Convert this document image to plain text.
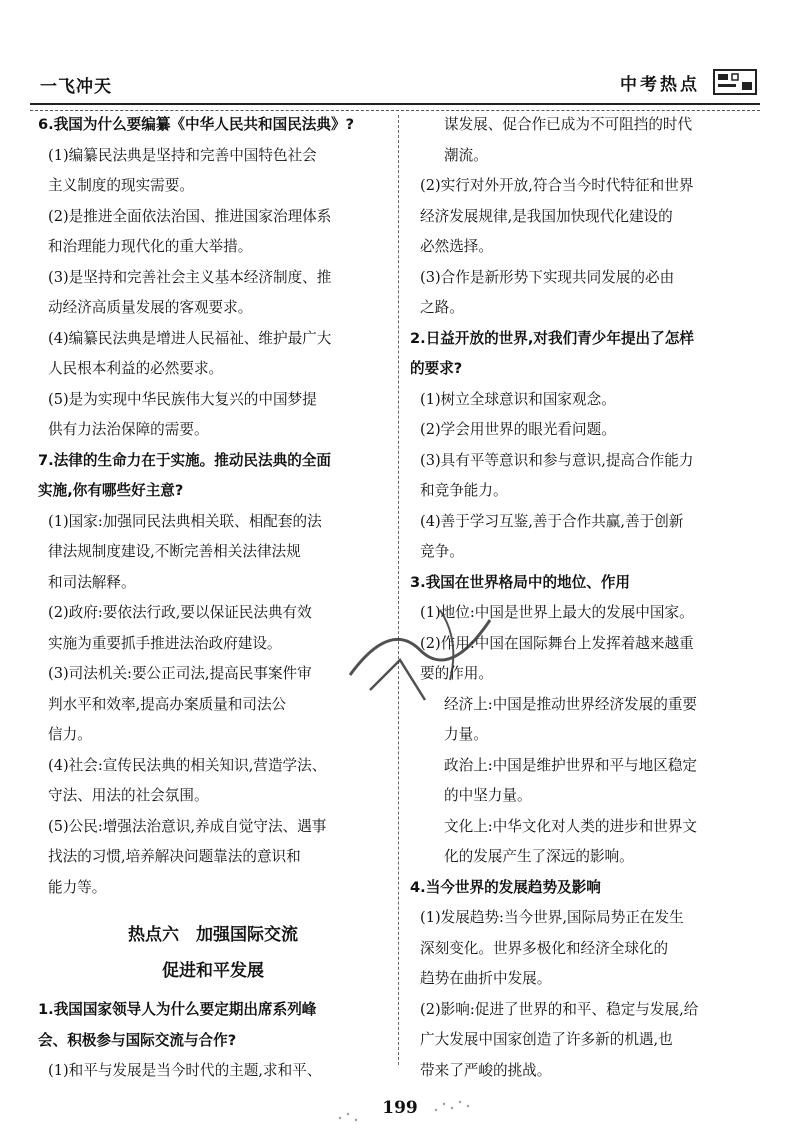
一飞冲天	中考热点
6.我国为什么要编纂《中华人民共和国民法典》?
(1)编纂民法典是坚持和完善中国特色社会
主义制度的现实需要。
(2)是推进全面依法治国、推进国家治理体系
和治理能力现代化的重大举措。
(3)是坚持和完善社会主义基本经济制度、推
动经济高质量发展的客观要求。
(4)编纂民法典是增进人民福祉、维护最广大
人民根本利益的必然要求。
(5)是为实现中华民族伟大复兴的中国梦提
供有力法治保障的需要。
7.法律的生命力在于实施。推动民法典的全面
实施,你有哪些好主意?
(1)国家:加强同民法典相关联、相配套的法
律法规制度建设,不断完善相关法律法规
和司法解释。
(2)政府:要依法行政,要以保证民法典有效
实施为重要抓手推进法治政府建设。
(3)司法机关:要公正司法,提高民事案件审
判水平和效率,提高办案质量和司法公
信力。
(4)社会:宣传民法典的相关知识,营造学法、
守法、用法的社会氛围。
(5)公民:增强法治意识,养成自觉守法、遇事
找法的习惯,培养解决问题靠法的意识和
能力等。
热点六　加强国际交流
促进和平发展
1.我国国家领导人为什么要定期出席系列峰
会、积极参与国际交流与合作?
(1)和平与发展是当今时代的主题,求和平、
谋发展、促合作已成为不可阻挡的时代
潮流。
(2)实行对外开放,符合当今时代特征和世界
经济发展规律,是我国加快现代化建设的
必然选择。
(3)合作是新形势下实现共同发展的必由
之路。
2.日益开放的世界,对我们青少年提出了怎样
的要求?
(1)树立全球意识和国家观念。
(2)学会用世界的眼光看问题。
(3)具有平等意识和参与意识,提高合作能力
和竞争能力。
(4)善于学习互鉴,善于合作共赢,善于创新
竞争。
3.我国在世界格局中的地位、作用
(1)地位:中国是世界上最大的发展中国家。
(2)作用:中国在国际舞台上发挥着越来越重
要的作用。
经济上:中国是推动世界经济发展的重要
力量。
政治上:中国是维护世界和平与地区稳定
的中坚力量。
文化上:中华文化对人类的进步和世界文
化的发展产生了深远的影响。
4.当今世界的发展趋势及影响
(1)发展趋势:当今世界,国际局势正在发生
深刻变化。世界多极化和经济全球化的
趋势在曲折中发展。
(2)影响:促进了世界的和平、稳定与发展,给
广大发展中国家创造了许多新的机遇,也
带来了严峻的挑战。
199
